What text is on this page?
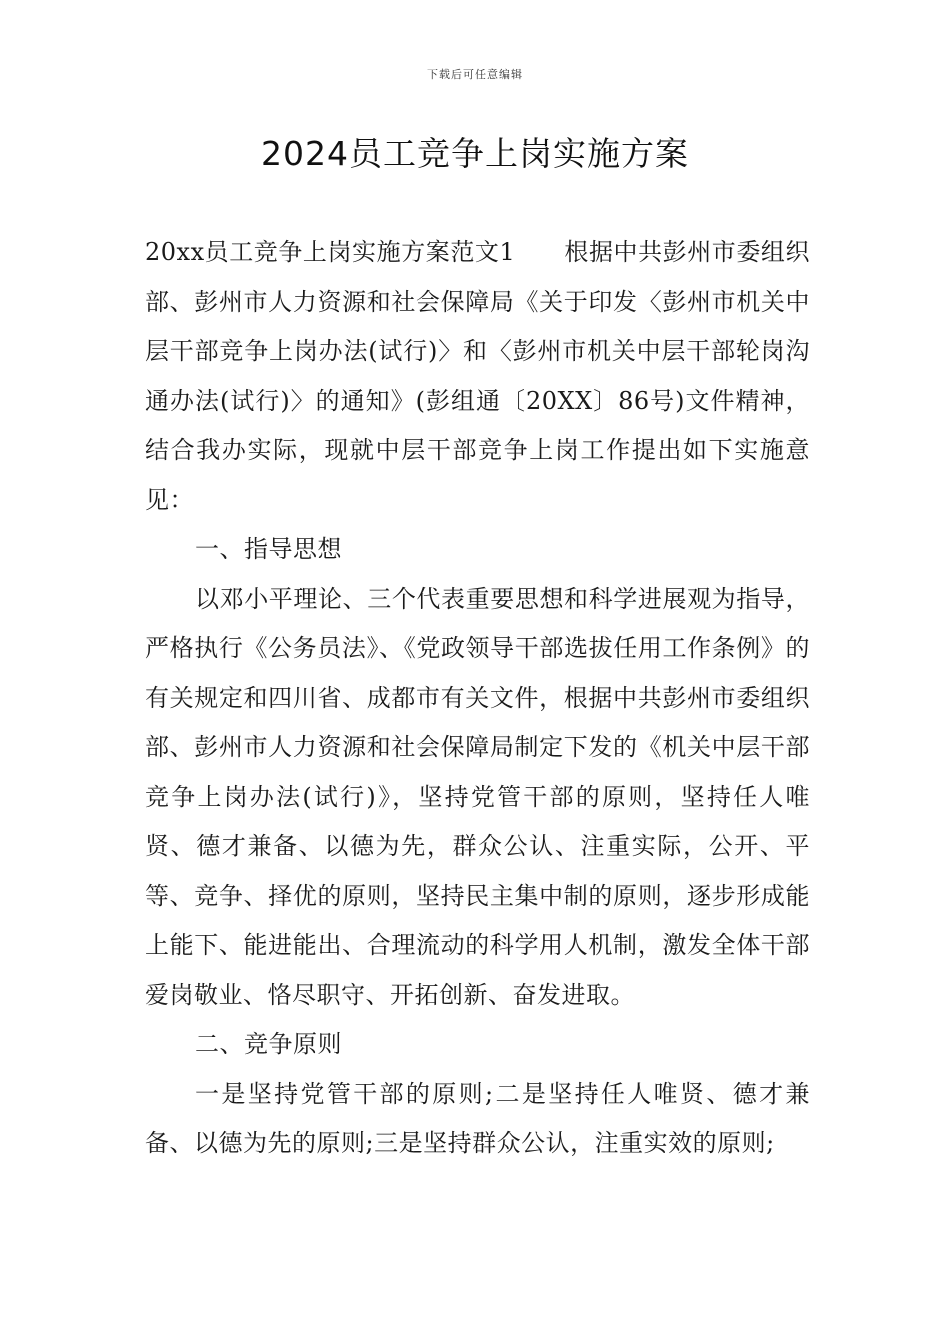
下载后可任意编辑
2024员工竞争上岗实施方案

20xx员工竞争上岗实施方案范文1　　根据中共彭州市委组织部、彭州市人力资源和社会保障局《关于印发〈彭州市机关中层干部竞争上岗办法(试行)〉和〈彭州市机关中层干部轮岗沟通办法(试行)〉的通知》(彭组通〔20XX〕86号)文件精神，结合我办实际，现就中层干部竞争上岗工作提出如下实施意见：

一、指导思想

以邓小平理论、三个代表重要思想和科学进展观为指导，严格执行《公务员法》、《党政领导干部选拔任用工作条例》的有关规定和四川省、成都市有关文件，根据中共彭州市委组织部、彭州市人力资源和社会保障局制定下发的《机关中层干部竞争上岗办法(试行)》，坚持党管干部的原则，坚持任人唯贤、德才兼备、以德为先，群众公认、注重实际，公开、平等、竞争、择优的原则，坚持民主集中制的原则，逐步形成能上能下、能进能出、合理流动的科学用人机制，激发全体干部爱岗敬业、恪尽职守、开拓创新、奋发进取。

二、竞争原则

一是坚持党管干部的原则;二是坚持任人唯贤、德才兼备、以德为先的原则;三是坚持群众公认，注重实效的原则;
